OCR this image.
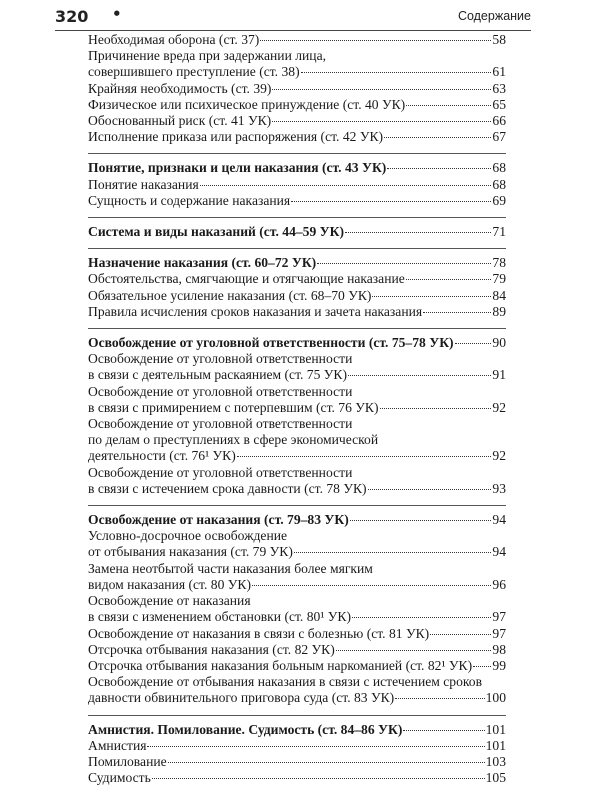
320 •	Содержание
Необходимая оборона (ст. 37)	58
Причинение вреда при задержании лица,
совершившего преступление (ст. 38)	61
Крайняя необходимость (ст. 39)	63
Физическое или психическое принуждение (ст. 40 УК)	65
Обоснованный риск (ст. 41 УК)	66
Исполнение приказа или распоряжения (ст. 42 УК)	67
Понятие, признаки и цели наказания (ст. 43 УК)	68
Понятие наказания	68
Сущность и содержание наказания	69
Система и виды наказаний (ст. 44–59 УК)	71
Назначение наказания (ст. 60–72 УК)	78
Обстоятельства, смягчающие и отягчающие наказание	79
Обязательное усиление наказания (ст. 68–70 УК)	84
Правила исчисления сроков наказания и зачета наказания	89
Освобождение от уголовной ответственности (ст. 75–78 УК)	90
Освобождение от уголовной ответственности
в связи с деятельным раскаянием (ст. 75 УК)	91
Освобождение от уголовной ответственности
в связи с примирением с потерпевшим (ст. 76 УК)	92
Освобождение от уголовной ответственности
по делам о преступлениях в сфере экономической
деятельности (ст. 76¹ УК)	92
Освобождение от уголовной ответственности
в связи с истечением срока давности (ст. 78 УК)	93
Освобождение от наказания (ст. 79–83 УК)	94
Условно-досрочное освобождение
от отбывания наказания (ст. 79 УК)	94
Замена неотбытой части наказания более мягким
видом наказания (ст. 80 УК)	96
Освобождение от наказания
в связи с изменением обстановки (ст. 80¹ УК)	97
Освобождение от наказания в связи с болезнью (ст. 81 УК)	97
Отсрочка отбывания наказания (ст. 82 УК)	98
Отсрочка отбывания наказания больным наркоманией (ст. 82¹ УК) 99
Освобождение от отбывания наказания в связи с истечением сроков
давности обвинительного приговора суда (ст. 83 УК)	100
Амнистия. Помилование. Судимость (ст. 84–86 УК)	101
Амнистия	101
Помилование	103
Судимость	105
